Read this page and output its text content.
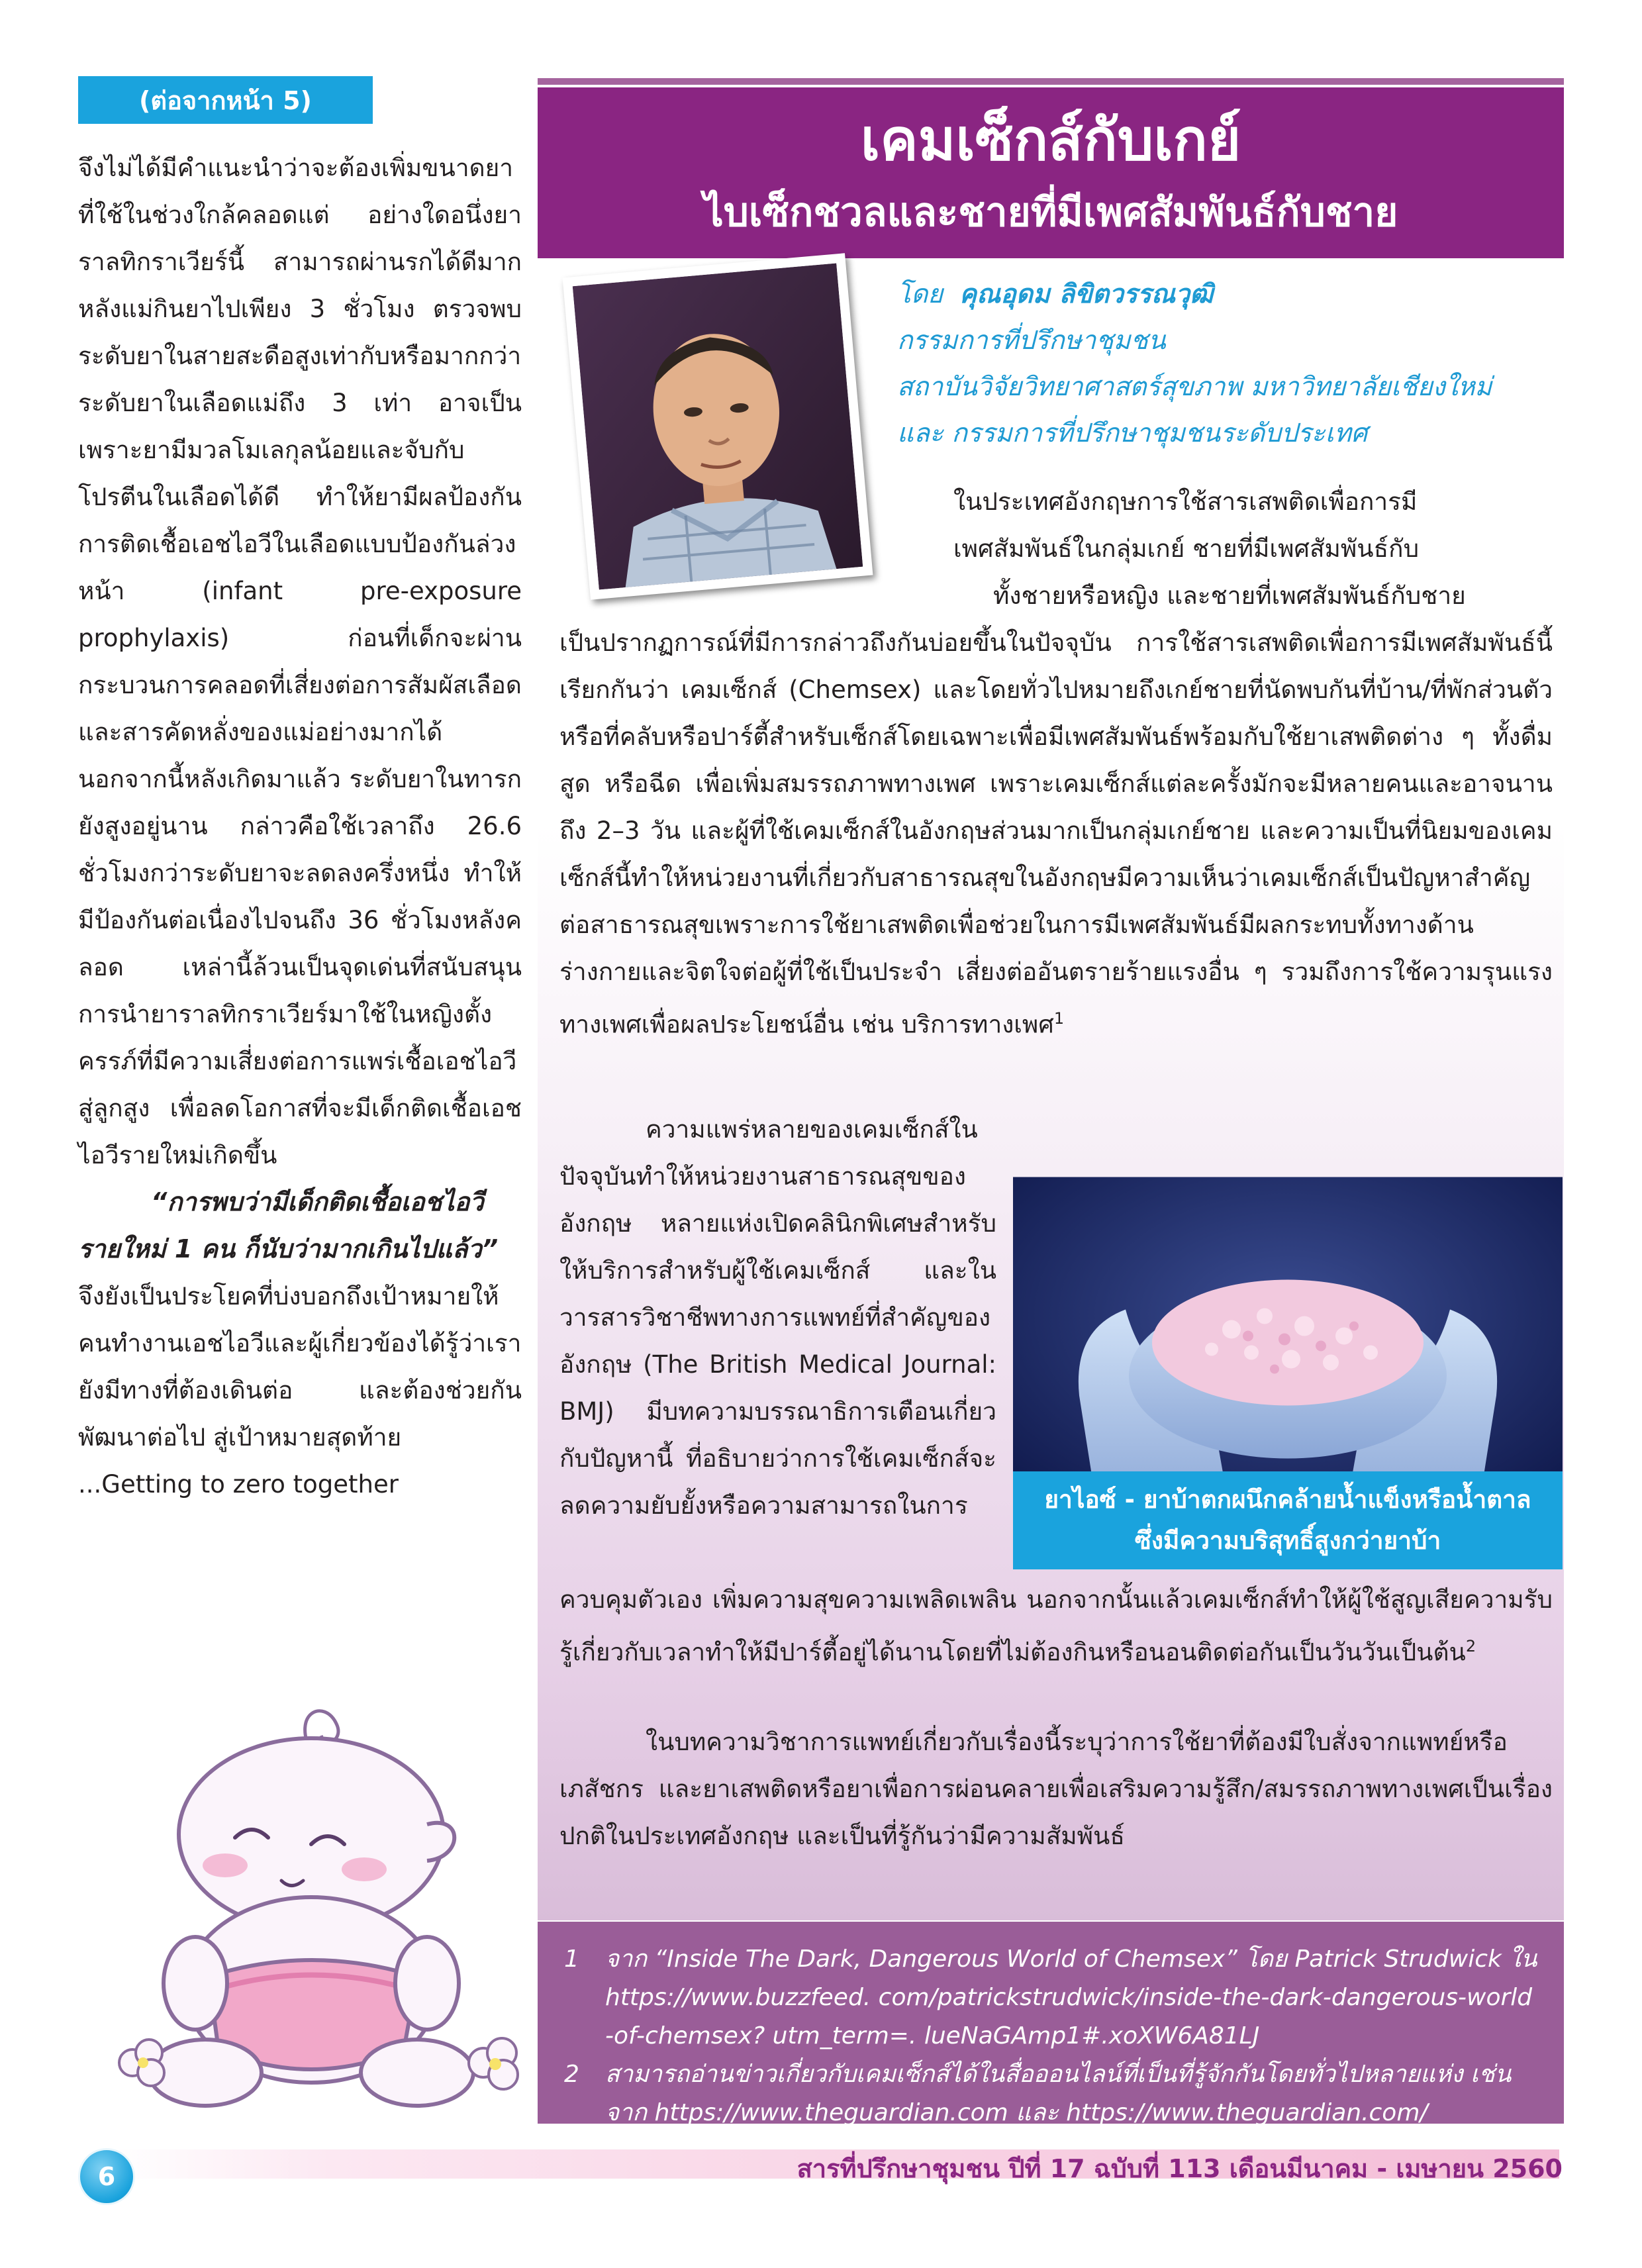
(ต่อจากหน้า 5)

จึงไม่ได้มีคำแนะนำว่าจะต้องเพิ่มขนาดยาที่ใช้ในช่วงใกล้คลอดแต่ อย่างใดอนึ่งยาราลทิกราเวียร์นี้ สามารถผ่านรกได้ดีมาก หลังแม่กินยาไปเพียง 3 ชั่วโมง ตรวจพบระดับยาในสายสะดือสูงเท่ากับหรือมากกว่าระดับยาในเลือดแม่ถึง 3 เท่า อาจเป็นเพราะยามีมวลโมเลกุลน้อยและจับกับโปรตีนในเลือดได้ดี ทำให้ยามีผลป้องกันการติดเชื้อเอชไอวีในเลือดแบบป้องกันล่วงหน้า (infant pre-exposure prophylaxis) ก่อนที่เด็กจะผ่านกระบวนการคลอดที่เสี่ยงต่อการสัมผัสเลือดและสารคัดหลั่งของแม่อย่างมากได้ นอกจากนี้หลังเกิดมาแล้ว ระดับยาในทารกยังสูงอยู่นาน กล่าวคือใช้เวลาถึง 26.6 ชั่วโมงกว่าระดับยาจะลดลงครึ่งหนึ่ง ทำให้มีป้องกันต่อเนื่องไปจนถึง 36 ชั่วโมงหลังคลอด เหล่านี้ล้วนเป็นจุดเด่นที่สนับสนุนการนำยาราลทิกราเวียร์มาใช้ในหญิงตั้งครรภ์ที่มีความเสี่ยงต่อการแพร่เชื้อเอชไอวีสู่ลูกสูง เพื่อลดโอกาสที่จะมีเด็กติดเชื้อเอชไอวีรายใหม่เกิดขึ้น

“การพบว่ามีเด็กติดเชื้อเอชไอวี

รายใหม่ 1 คน ก็นับว่ามากเกินไปแล้ว”

จึงยังเป็นประโยคที่บ่งบอกถึงเป้าหมายให้คนทำงานเอชไอวีและผู้เกี่ยวข้องได้รู้ว่าเรายังมีทางที่ต้องเดินต่อ และต้องช่วยกันพัฒนาต่อไป สู่เป้าหมายสุดท้าย

...Getting to zero together

เคมเซ็กส์กับเกย์
ไบเซ็กชวลและชายที่มีเพศสัมพันธ์กับชาย
โดย คุณอุดม ลิขิตวรรณวุฒิ
กรรมการที่ปรึกษาชุมชน
สถาบันวิจัยวิทยาศาสตร์สุขภาพ มหาวิทยาลัยเชียงใหม่
และ กรรมการที่ปรึกษาชุมชนระดับประเทศ
ในประเทศอังกฤษการใช้สารเสพติดเพื่อการมี
เพศสัมพันธ์ในกลุ่มเกย์ ชายที่มีเพศสัมพันธ์กับ
ทั้งชายหรือหญิง และชายที่เพศสัมพันธ์กับชาย

เป็นปรากฏการณ์ที่มีการกล่าวถึงกันบ่อยขึ้นในปัจจุบัน การใช้สารเสพติดเพื่อการมีเพศสัมพันธ์นี้เรียกกันว่า เคมเซ็กส์ (Chemsex) และโดยทั่วไปหมายถึงเกย์ชายที่นัดพบกันที่บ้าน/ที่พักส่วนตัว หรือที่คลับหรือปาร์ตี้สำหรับเซ็กส์โดยเฉพาะเพื่อมีเพศสัมพันธ์พร้อมกับใช้ยาเสพติดต่าง ๆ ทั้งดื่ม สูด หรือฉีด เพื่อเพิ่มสมรรถภาพทางเพศ เพราะเคมเซ็กส์แต่ละครั้งมักจะมีหลายคนและอาจนานถึง 2–3 วัน และผู้ที่ใช้เคมเซ็กส์ในอังกฤษส่วนมากเป็นกลุ่มเกย์ชาย และความเป็นที่นิยมของเคมเซ็กส์นี้ทำให้หน่วยงานที่เกี่ยวกับสาธารณสุขในอังกฤษมีความเห็นว่าเคมเซ็กส์เป็นปัญหาสำคัญต่อสาธารณสุขเพราะการใช้ยาเสพติดเพื่อช่วยในการมีเพศสัมพันธ์มีผลกระทบทั้งทางด้านร่างกายและจิตใจต่อผู้ที่ใช้เป็นประจำ เสี่ยงต่ออันตรายร้ายแรงอื่น ๆ รวมถึงการใช้ความรุนแรงทางเพศเพื่อผลประโยชน์อื่น เช่น บริการทางเพศ$^1$

ความแพร่หลายของเคมเซ็กส์ในปัจจุบันทำให้หน่วยงานสาธารณสุขของอังกฤษ หลายแห่งเปิดคลินิกพิเศษสำหรับให้บริการสำหรับผู้ใช้เคมเซ็กส์ และในวารสารวิชาชีพทางการแพทย์ที่สำคัญของอังกฤษ (The British Medical Journal: BMJ) มีบทความบรรณาธิการเตือนเกี่ยวกับปัญหานี้ ที่อธิบายว่าการใช้เคมเซ็กส์จะลดความยับยั้งหรือความสามารถในการ	ยาไอซ์ - ยาบ้าตกผนึกคล้ายน้ำแข็งหรือน้ำตาล
ซึ่งมีความบริสุทธิ์สูงกว่ายาบ้า

ควบคุมตัวเอง เพิ่มความสุขความเพลิดเพลิน นอกจากนั้นแล้วเคมเซ็กส์ทำให้ผู้ใช้สูญเสียความรับรู้เกี่ยวกับเวลาทำให้มีปาร์ตี้อยู่ได้นานโดยที่ไม่ต้องกินหรือนอนติดต่อกันเป็นวันวันเป็นต้น$^2$

ในบทความวิชาการแพทย์เกี่ยวกับเรื่องนี้ระบุว่าการใช้ยาที่ต้องมีใบสั่งจากแพทย์หรือเภสัชกร และยาเสพติดหรือยาเพื่อการผ่อนคลายเพื่อเสริมความรู้สึก/สมรรถภาพทางเพศเป็นเรื่องปกติในประเทศอังกฤษ และเป็นที่รู้กันว่ามีความสัมพันธ์

1 จาก “Inside The Dark, Dangerous World of Chemsex” โดย Patrick Strudwick ใน https://www.buzzfeed. com/patrickstrudwick/inside-the-dark-dangerous-world -of-chemsex? utm_term=. lueNaGAmp1#.xoXW6A81LJ
2 สามารถอ่านข่าวเกี่ยวกับเคมเซ็กส์ได้ในสื่อออนไลน์ที่เป็นที่รู้จักกันโดยทั่วไปหลายแห่ง เช่น จาก https://www.theguardian.com และ https://www.theguardian.com/
6	สารที่ปรึกษาชุมชน ปีที่ 17 ฉบับที่ 113 เดือนมีนาคม - เมษายน 2560
